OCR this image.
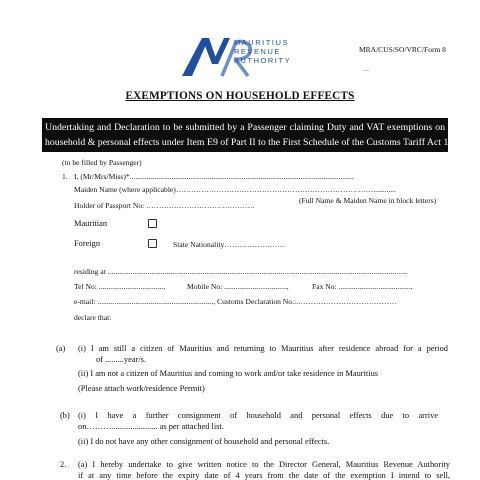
MAURITIUS
REVENUE
AUTHORITY
MRA/CUS/SO/VRC/Form 8
—
EXEMPTIONS ON HOUSEHOLD EFFECTS
Undertaking and Declaration to be submitted by a Passenger claiming Duty and VAT exemptions on
household & personal effects under Item E9 of Part II to the First Schedule of the Customs Tariff Act 1969
(to be filled by Passenger)
1. I, (Mr/Mrs/Miss)*......................................................................................................................
Maiden Name (where applicable)……………………………………………………………………............
(Full Name & Maiden Name in block letters)
Holder of Passport No: …………………………………….
Mauritian
Foreign	State Nationality……………………
residing at ..............................................................................................................................................................
Tel No: ..................................,	Mobile No: .................................,	Fax No: ......................................,
e-mail: ............................................................., Customs Declaration No.:.…………………………………
declare that:
(a) (i) I am still a citizen of Mauritius and returning to Mauritius after residence abroad for a period
of .........year/s.
(ii) I am not a citizen of Mauritius and coming to work and/or take residence in Mauritius
(Please attach work/residence Permit)
(b) (i) I have a further consignment of household and personal effects due to arrive
on………...................... as per attached list.
(ii) I do not have any other consignment of household and personal effects.
2. (a) I hereby undertake to give written notice to the Director General, Mauritius Revenue Authority
if at any time before the expiry date of 4 years from the date of the exemption I intend to sell,
